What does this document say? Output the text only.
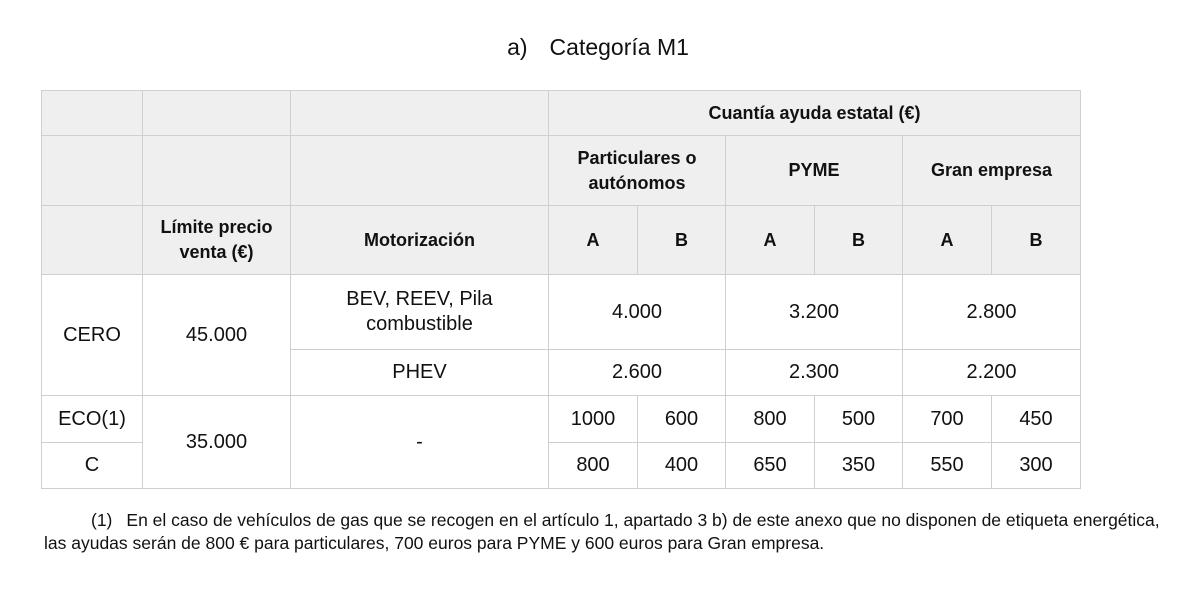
a) Categoría M1
			Cuantía ayuda estatal (€)					
			Particulares o autónomos		PYME		Gran empresa	
	Límite precio venta (€)	Motorización	A	B	A	B	A	B
CERO	45.000	BEV, REEV, Pila combustible	4.000		3.200		2.800	
		PHEV	2.600		2.300		2.200	
ECO(1)	35.000	-	1000	600	800	500	700	450
C			800	400	650	350	550	300
(1) En el caso de vehículos de gas que se recogen en el artículo 1, apartado 3 b) de este anexo que no disponen de etiqueta energética, las ayudas serán de 800 € para particulares, 700 euros para PYME y 600 euros para Gran empresa.
